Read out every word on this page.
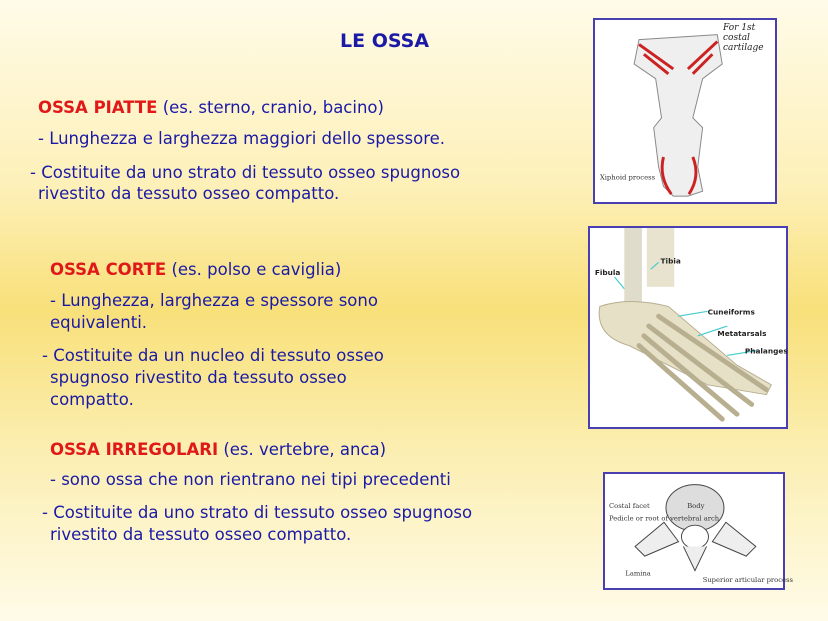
LE OSSA
OSSA PIATTE (es. sterno, cranio, bacino)
- Lunghezza e larghezza maggiori dello spessore.
- Costituite da uno strato di tessuto osseo spugnoso
rivestito da tessuto osseo compatto.
OSSA CORTE (es. polso e caviglia)
- Lunghezza, larghezza e spessore sono
equivalenti.
- Costituite da un nucleo di tessuto osseo
spugnoso rivestito da tessuto osseo
compatto.
OSSA IRREGOLARI (es. vertebre, anca)
- sono ossa che non rientrano nei tipi precedenti
- Costituite da uno strato di tessuto osseo spugnoso
rivestito da tessuto osseo compatto.
Xiphoid process
For 1st costal cartilage
Tibia
Fibula
Cuneiforms
Metatarsals
Phalanges
Costal facet
Pedicle or root of vertebral arch
Lamina
Body
Superior articular process
